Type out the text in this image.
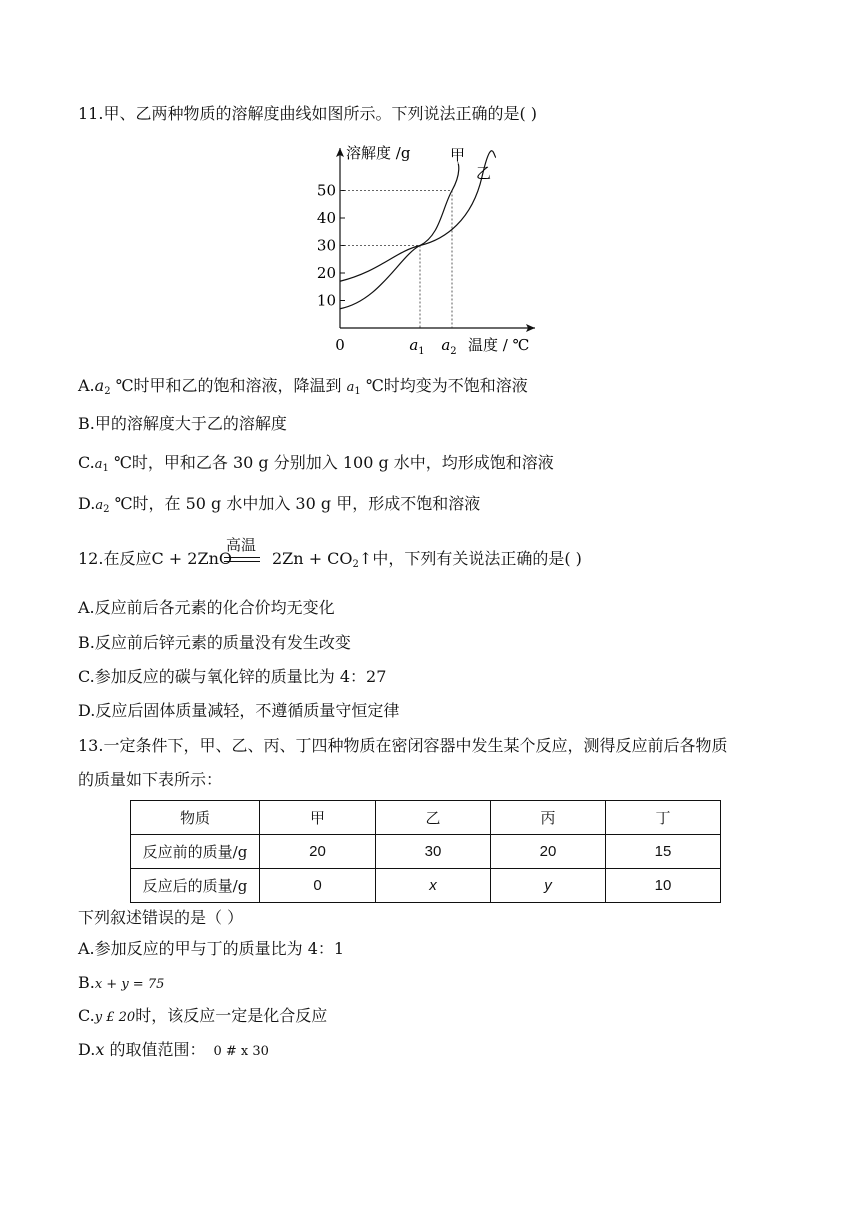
11.甲、乙两种物质的溶解度曲线如图所示。下列说法正确的是( )
50
40
30
20
10
0	$a_1$ $a_2$
溶解度 /g
温度 / ℃
甲
乙
$A.a_2$ ℃时甲和乙的饱和溶液，降温到 $a_1$ ℃时均变为不饱和溶液
B.甲的溶解度大于乙的溶解度
$C.a_1$ ℃时，甲和乙各 30 g 分别加入 100 g 水中，均形成饱和溶液
$D.a_2$ ℃时，在 50 g 水中加入 30 g 甲，形成不饱和溶液
12.在反应C + 2ZnO	$2Zn + CO_2↑$中，下列有关说法正确的是( )
高温
A.反应前后各元素的化合价均无变化
B.反应前后锌元素的质量没有发生改变
C.参加反应的碳与氧化锌的质量比为 4：27
D.反应后固体质量减轻，不遵循质量守恒定律
13.一定条件下，甲、乙、丙、丁四种物质在密闭容器中发生某个反应，测得反应前后各物质
的质量如下表所示：
物质	甲	乙	丙	丁
反应前的质量/g	20	30	20	15
反应后的质量/g	0	x	y	10
下列叙述错误的是（ ）
A.参加反应的甲与丁的质量比为 4：1
B.x + y = 75
C.y £ 20时，该反应一定是化合反应
D.x 的取值范围： 0 # x 30
